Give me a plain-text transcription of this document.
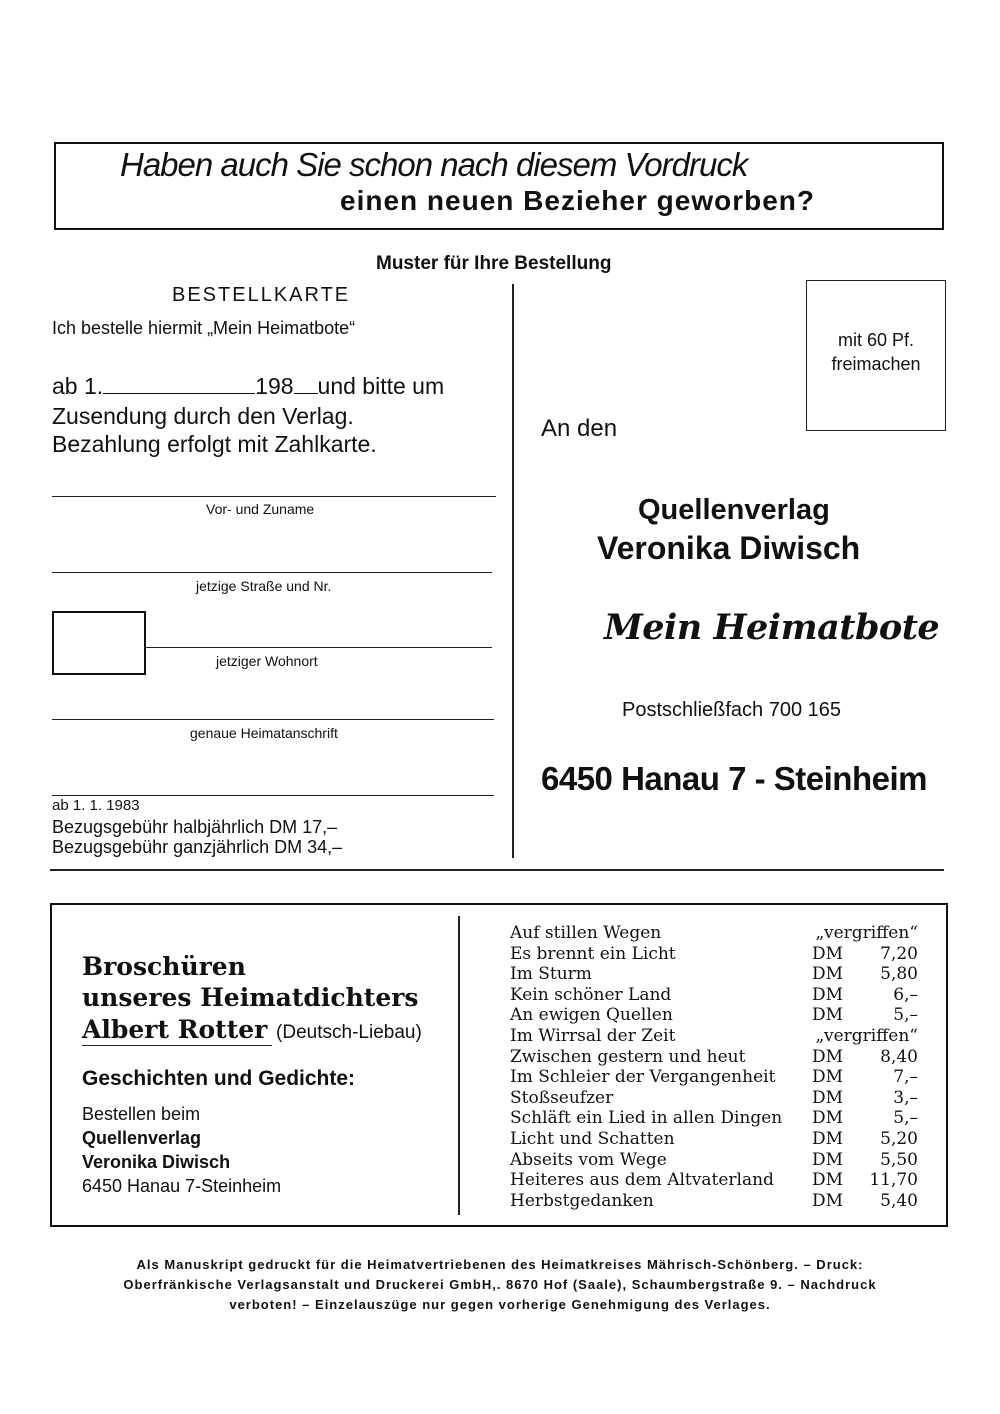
Haben auch Sie schon nach diesem Vordruck
einen neuen Bezieher geworben?
Muster für Ihre Bestellung
BESTELLKARTE
Ich bestelle hiermit „Mein Heimatbote“
ab 1.	198 und bitte um
Zusendung durch den Verlag.
Bezahlung erfolgt mit Zahlkarte.
Vor- und Zuname
jetzige Straße und Nr.
jetziger Wohnort
genaue Heimatanschrift
ab 1. 1. 1983
Bezugsgebühr halbjährlich DM 17,–
Bezugsgebühr ganzjährlich DM 34,–
mit 60 Pf.
freimachen
An den
Quellenverlag
Veronika Diwisch
Mein Heimatbote
Postschließfach 700 165
6450 Hanau 7 - Steinheim
Broschüren
unseres Heimatdichters
Albert Rotter (Deutsch-Liebau)
Geschichten und Gedichte:
Bestellen beim
Quellenverlag
Veronika Diwisch
6450 Hanau 7-Steinheim
Auf stillen Wegen	„vergriffen“
Es brennt ein Licht	DM 7,20
Im Sturm	DM 5,80
Kein schöner Land	DM	6,–
An ewigen Quellen	DM	5,–
Im Wirrsal der Zeit	„vergriffen“
Zwischen gestern und heut	DM 8,40
Im Schleier der Vergangenheit DM	7,–
Stoßseufzer	DM	3,–
Schläft ein Lied in allen Dingen DM	5,–
Licht und Schatten	DM 5,20
Abseits vom Wege	DM 5,50
Heiteres aus dem Altvaterland DM 11,70
Herbstgedanken	DM 5,40
Als Manuskript gedruckt für die Heimatvertriebenen des Heimatkreises Mährisch-Schönberg. – Druck:
Oberfränkische Verlagsanstalt und Druckerei GmbH,. 8670 Hof (Saale), Schaumbergstraße 9. – Nachdruck
verboten! – Einzelauszüge nur gegen vorherige Genehmigung des Verlages.
